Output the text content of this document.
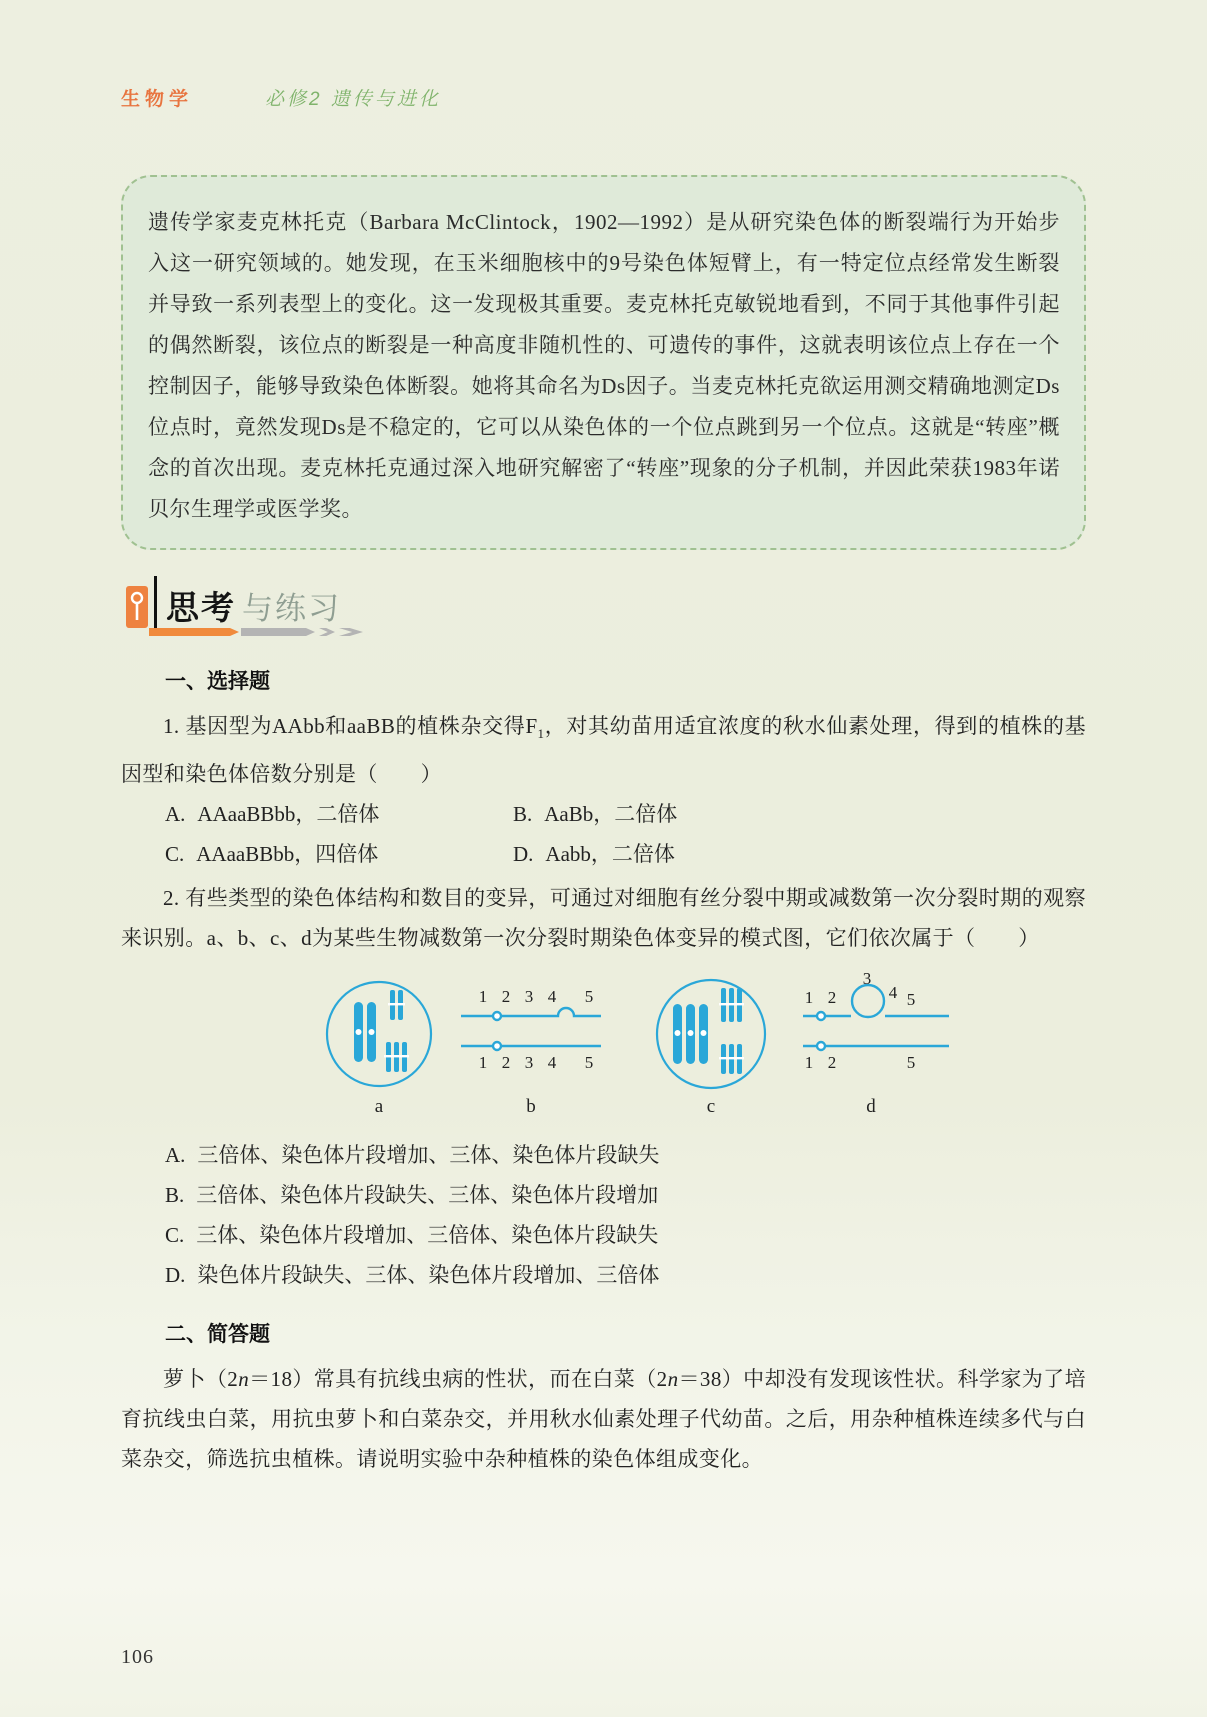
生物学	必修2 遗传与进化

遗传学家麦克林托克（Barbara McClintock，1902—1992）是从研究染色体的断裂端行为开始步入这一研究领域的。她发现，在玉米细胞核中的9号染色体短臂上，有一特定位点经常发生断裂并导致一系列表型上的变化。这一发现极其重要。麦克林托克敏锐地看到，不同于其他事件引起的偶然断裂，该位点的断裂是一种高度非随机性的、可遗传的事件，这就表明该位点上存在一个控制因子，能够导致染色体断裂。她将其命名为Ds因子。当麦克林托克欲运用测交精确地测定Ds位点时，竟然发现Ds是不稳定的，它可以从染色体的一个位点跳到另一个位点。这就是“转座”概念的首次出现。麦克林托克通过深入地研究解密了“转座”现象的分子机制，并因此荣获1983年诺贝尔生理学或医学奖。

思考 与练习
一、选择题

1. 基因型为AAbb和aaBB的植株杂交得$F_1$，对其幼苗用适宜浓度的秋水仙素处理，得到的植株的基因型和染色体倍数分别是（　　）

A. AAaaBBbb，二倍体	B. AaBb，二倍体
C. AAaaBBbb，四倍体	D. Aabb，二倍体

2. 有些类型的染色体结构和数目的变异，可通过对细胞有丝分裂中期或减数第一次分裂时期的观察来识别。a、b、c、d为某些生物减数第一次分裂时期染色体变异的模式图，它们依次属于（　　）

a
1 2 3 4 5
1 2 3 4 5
b	c
1 2
3
4 5
1 2	5
d
A. 三倍体、染色体片段增加、三体、染色体片段缺失
B. 三倍体、染色体片段缺失、三体、染色体片段增加
C. 三体、染色体片段增加、三倍体、染色体片段缺失
D. 染色体片段缺失、三体、染色体片段增加、三倍体
二、简答题

萝卜（2n＝18）常具有抗线虫病的性状，而在白菜（2n＝38）中却没有发现该性状。科学家为了培育抗线虫白菜，用抗虫萝卜和白菜杂交，并用秋水仙素处理子代幼苗。之后，用杂种植株连续多代与白菜杂交，筛选抗虫植株。请说明实验中杂种植株的染色体组成变化。

106
